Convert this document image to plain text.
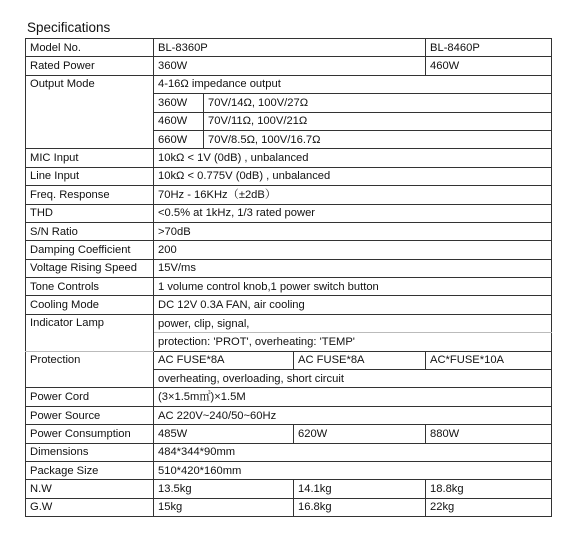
Specifications
Model No.	BL-8360P			BL-8460P	
Rated Power	360W			460W	
Output Mode	4-16Ω impedance output				
	360W	70V/14Ω, 100V/27Ω			
	460W	70V/11Ω, 100V/21Ω			
	660W	70V/8.5Ω, 100V/16.7Ω			
MIC Input	10kΩ < 1V (0dB) , unbalanced				
Line Input	10kΩ < 0.775V (0dB) , unbalanced				
Freq. Response	70Hz - 16KHz（±2dB）				
THD	<0.5% at 1kHz, 1/3 rated power				
S/N Ratio	>70dB				
Damping Coefficient	200				
Voltage Rising Speed	15V/ms				
Tone Controls	1 volume control knob,1 power switch button				
Cooling Mode	DC 12V 0.3A FAN, air cooling				
Indicator Lamp	power, clip, signal,				
	protection: 'PROT', overheating: 'TEMP'				
Protection	AC FUSE*8A		AC FUSE*8A	AC*FUSE*10A	
	overheating, overloading, short circuit				
Power Cord	(3×1.5m㎡)×1.5M				
Power Source	AC 220V~240/50~60Hz				
Power Consumption	485W		620W	880W	
Dimensions	484*344*90mm				
Package Size	510*420*160mm				
N.W	13.5kg		14.1kg	18.8kg	
G.W	15kg		16.8kg	22kg	
